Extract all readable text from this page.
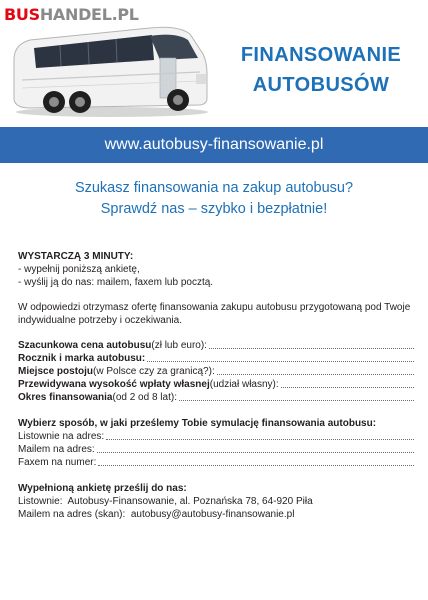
BUSHANDEL.PL
FINANSOWANIE
AUTOBUSÓW
www.autobusy-finansowanie.pl
Szukasz finansowania na zakup autobusu?
Sprawdź nas – szybko i bezpłatnie!
WYSTARCZĄ 3 MINUTY:
- wypełnij poniższą ankietę,
- wyślij ją do nas: mailem, faxem lub pocztą.
W odpowiedzi otrzymasz ofertę finansowania zakupu autobusu przygotowaną pod Twoje indywidualne potrzeby i oczekiwania.
Szacunkowa cena autobusu (zł lub euro):
Rocznik i marka autobusu:
Miejsce postoju (w Polsce czy za granicą?):
Przewidywana wysokość wpłaty własnej (udział własny):
Okres finansowania (od 2 od 8 lat):
Wybierz sposób, w jaki prześlemy Tobie symulację finansowania autobusu:
Listownie na adres:
Mailem na adres:
Faxem na numer:
Wypełnioną ankietę prześlij do nas:
Listownie: Autobusy-Finansowanie, al. Poznańska 78, 64-920 Piła
Mailem na adres (skan): autobusy@autobusy-finansowanie.pl
